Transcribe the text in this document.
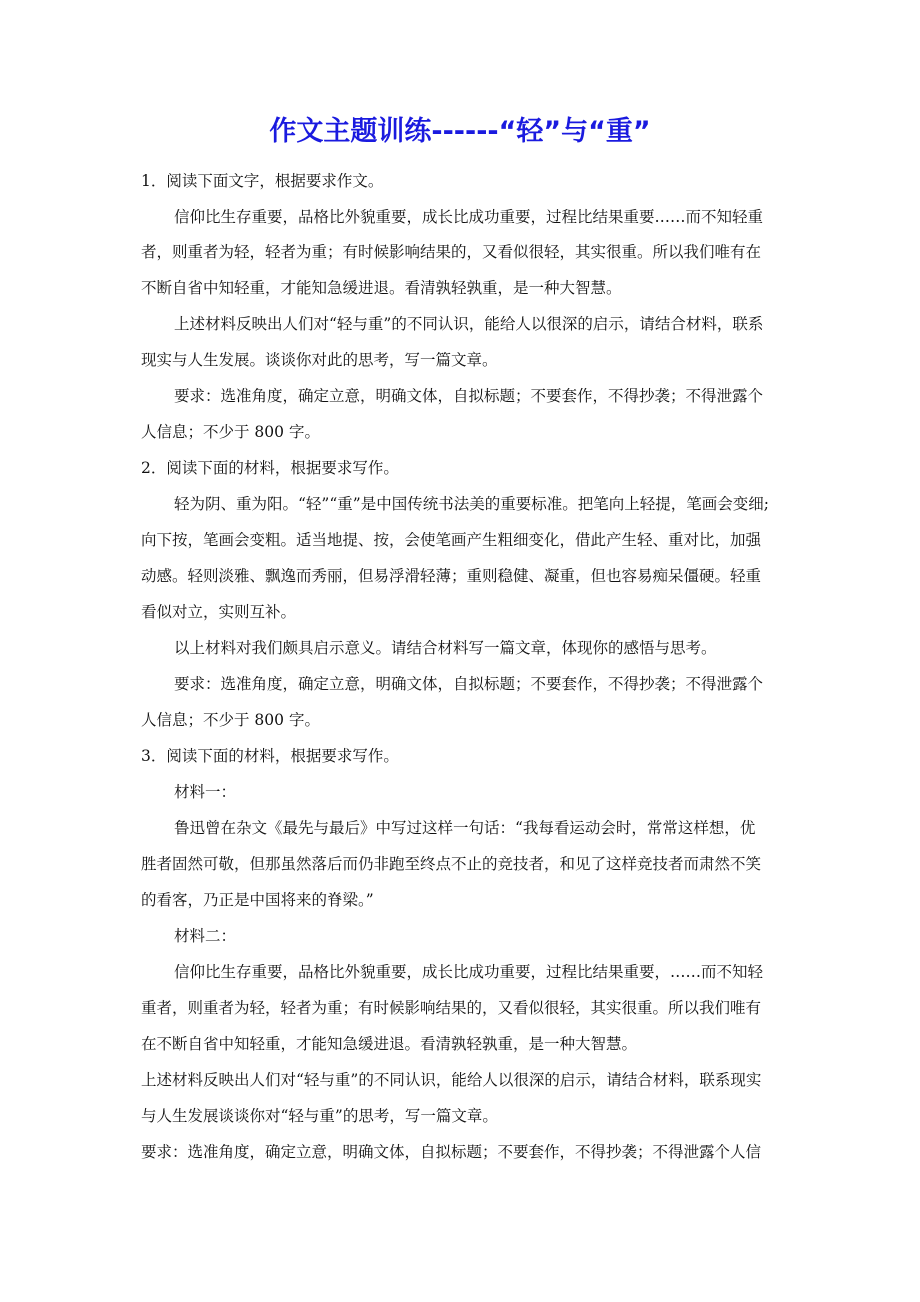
作文主题训练------“轻”与“重”
1．阅读下面文字，根据要求作文。
信仰比生存重要，品格比外貌重要，成长比成功重要，过程比结果重要……而不知轻重
者，则重者为轻，轻者为重；有时候影响结果的，又看似很轻，其实很重。所以我们唯有在
不断自省中知轻重，才能知急缓进退。看清孰轻孰重，是一种大智慧。
上述材料反映出人们对“轻与重”的不同认识，能给人以很深的启示，请结合材料，联系
现实与人生发展。谈谈你对此的思考，写一篇文章。
要求：选准角度，确定立意，明确文体，自拟标题；不要套作，不得抄袭；不得泄露个
人信息；不少于 800 字。
2．阅读下面的材料，根据要求写作。
轻为阴、重为阳。“轻”“重”是中国传统书法美的重要标准。把笔向上轻提，笔画会变细;
向下按，笔画会变粗。适当地提、按，会使笔画产生粗细变化，借此产生轻、重对比，加强
动感。轻则淡雅、飘逸而秀丽，但易浮滑轻薄；重则稳健、凝重，但也容易痴呆僵硬。轻重
看似对立，实则互补。
以上材料对我们颇具启示意义。请结合材料写一篇文章，体现你的感悟与思考。
要求：选准角度，确定立意，明确文体，自拟标题；不要套作，不得抄袭；不得泄露个
人信息；不少于 800 字。
3．阅读下面的材料，根据要求写作。
材料一：
鲁迅曾在杂文《最先与最后》中写过这样一句话：“我每看运动会时，常常这样想，优
胜者固然可敬，但那虽然落后而仍非跑至终点不止的竞技者，和见了这样竞技者而肃然不笑
的看客，乃正是中国将来的脊梁。”
材料二：
信仰比生存重要，品格比外貌重要，成长比成功重要，过程比结果重要，……而不知轻
重者，则重者为轻，轻者为重；有时候影响结果的，又看似很轻，其实很重。所以我们唯有
在不断自省中知轻重，才能知急缓进退。看清孰轻孰重，是一种大智慧。
上述材料反映出人们对“轻与重”的不同认识，能给人以很深的启示，请结合材料，联系现实
与人生发展谈谈你对“轻与重”的思考，写一篇文章。
要求：选准角度，确定立意，明确文体，自拟标题；不要套作，不得抄袭；不得泄露个人信
